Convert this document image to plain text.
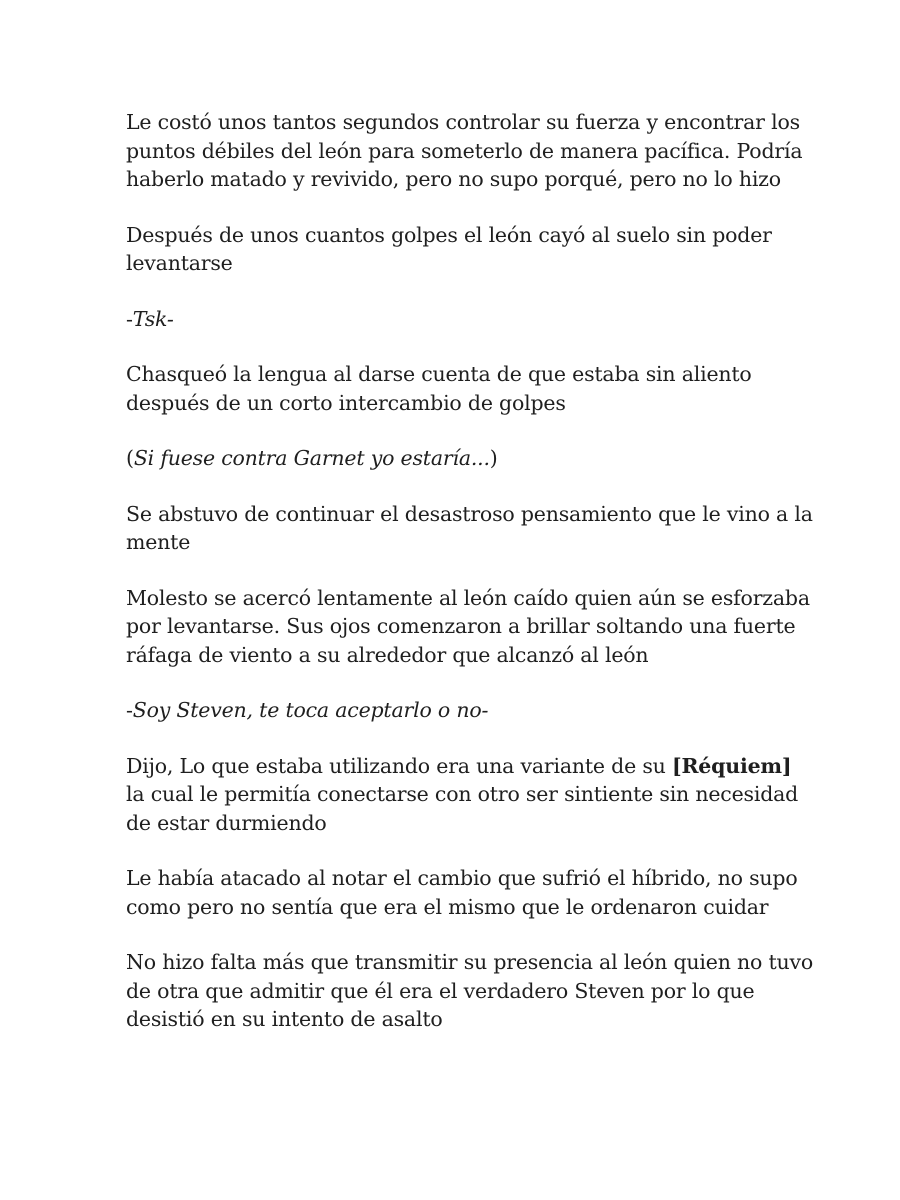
Le costó unos tantos segundos controlar su fuerza y encontrar los puntos débiles del león para someterlo de manera pacífica. Podría haberlo matado y revivido, pero no supo porqué, pero no lo hizo

Después de unos cuantos golpes el león cayó al suelo sin poder levantarse

-Tsk-

Chasqueó la lengua al darse cuenta de que estaba sin aliento después de un corto intercambio de golpes

(Si fuese contra Garnet yo estaría...)

Se abstuvo de continuar el desastroso pensamiento que le vino a la mente

Molesto se acercó lentamente al león caído quien aún se esforzaba por levantarse. Sus ojos comenzaron a brillar soltando una fuerte ráfaga de viento a su alrededor que alcanzó al león

-Soy Steven, te toca aceptarlo o no-

Dijo, Lo que estaba utilizando era una variante de su [Réquiem] la cual le permitía conectarse con otro ser sintiente sin necesidad de estar durmiendo

Le había atacado al notar el cambio que sufrió el híbrido, no supo como pero no sentía que era el mismo que le ordenaron cuidar

No hizo falta más que transmitir su presencia al león quien no tuvo de otra que admitir que él era el verdadero Steven por lo que desistió en su intento de asalto
